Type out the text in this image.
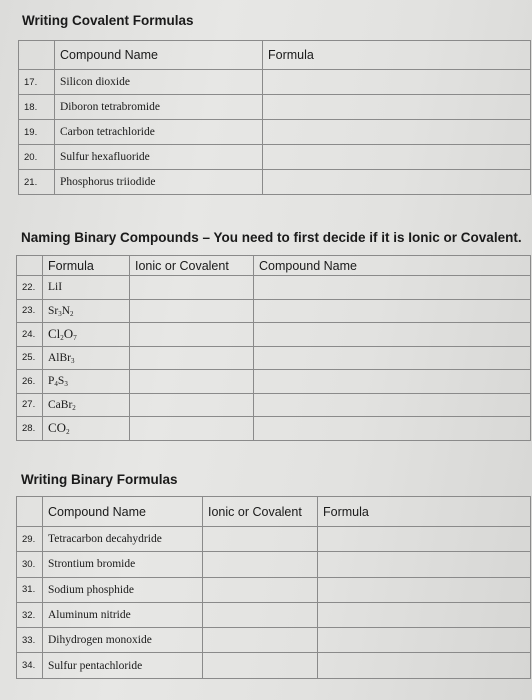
Writing Covalent Formulas
	Compound Name	Formula
17.	Silicon dioxide	
18.	Diboron tetrabromide	
19.	Carbon tetrachloride	
20.	Sulfur hexafluoride	
21.	Phosphorus triiodide	
Naming Binary Compounds – You need to first decide if it is Ionic or Covalent.
	Formula	Ionic or Covalent	Compound Name
22.	LiI		
23.	$Sr_3N_2$		
24.	$Cl_2O_7$		
25.	AlBr$_3$		
26.	$P_4S_3$		
27.	CaBr$_2$		
28.	$CO_2$		
Writing Binary Formulas
	Compound Name	Ionic or Covalent	Formula
29.	Tetracarbon decahydride		
30.	Strontium bromide		
31.	Sodium phosphide		
32.	Aluminum nitride		
33.	Dihydrogen monoxide		
34.	Sulfur pentachloride		
